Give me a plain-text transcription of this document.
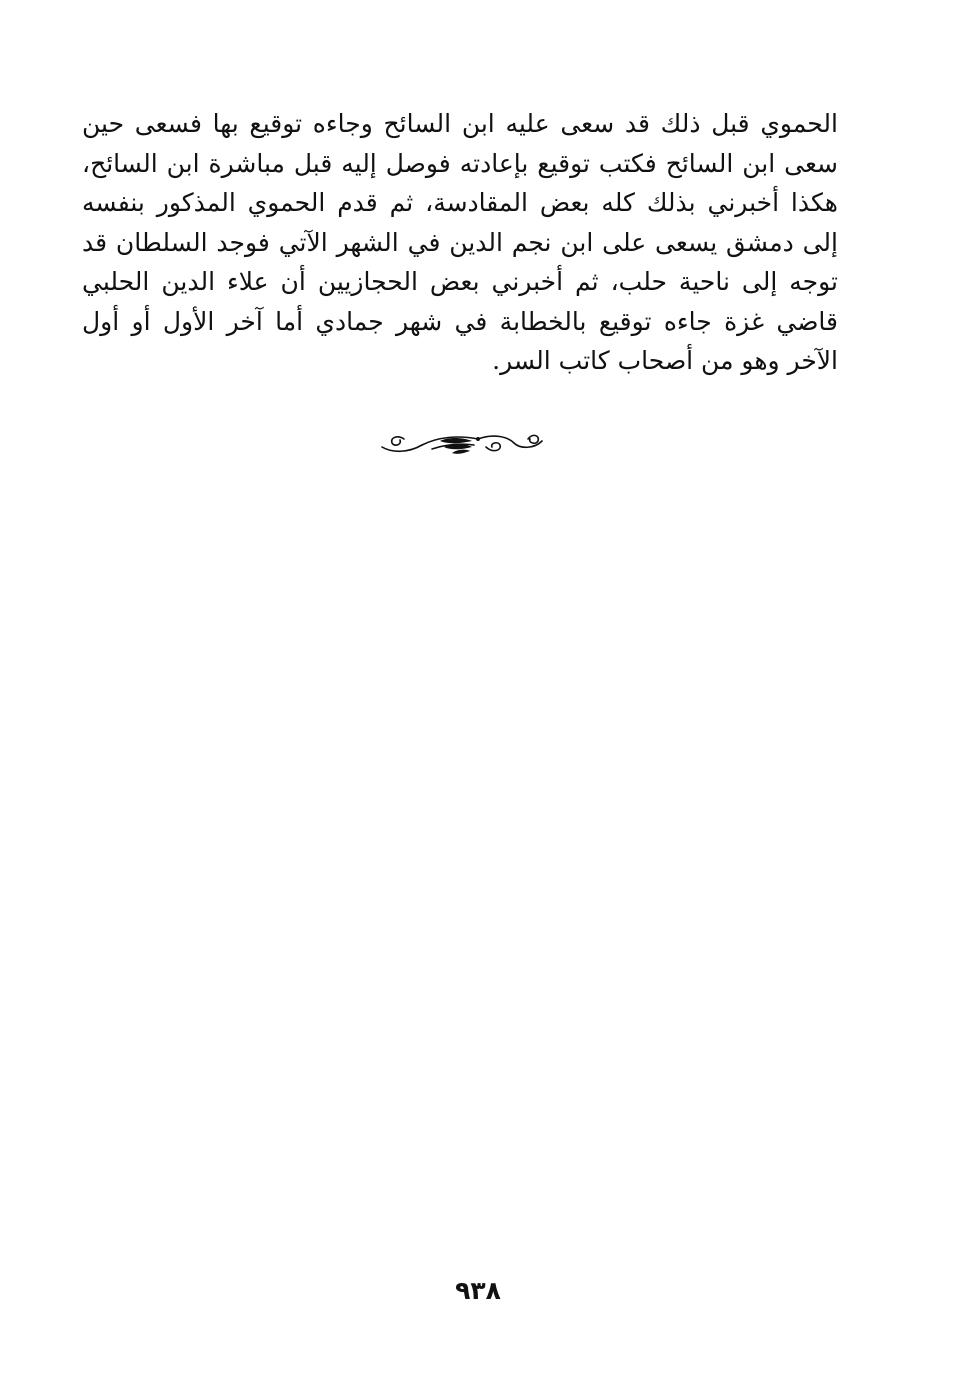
الحموي قبل ذلك قد سعى عليه ابن السائح وجاءه توقيع بها فسعى حين
سعى ابن السائح فكتب توقيع بإعادته فوصل إليه قبل مباشرة ابن السائح،
هكذا أخبرني بذلك كله بعض المقادسة، ثم قدم الحموي المذكور بنفسه
إلى دمشق يسعى على ابن نجم الدين في الشهر الآتي فوجد السلطان قد
توجه إلى ناحية حلب، ثم أخبرني بعض الحجازيين أن علاء الدين الحلبي
قاضي غزة جاءه توقيع بالخطابة في شهر جمادي أما آخر الأول أو أول
الآخر وهو من أصحاب كاتب السر.
٩٣٨
